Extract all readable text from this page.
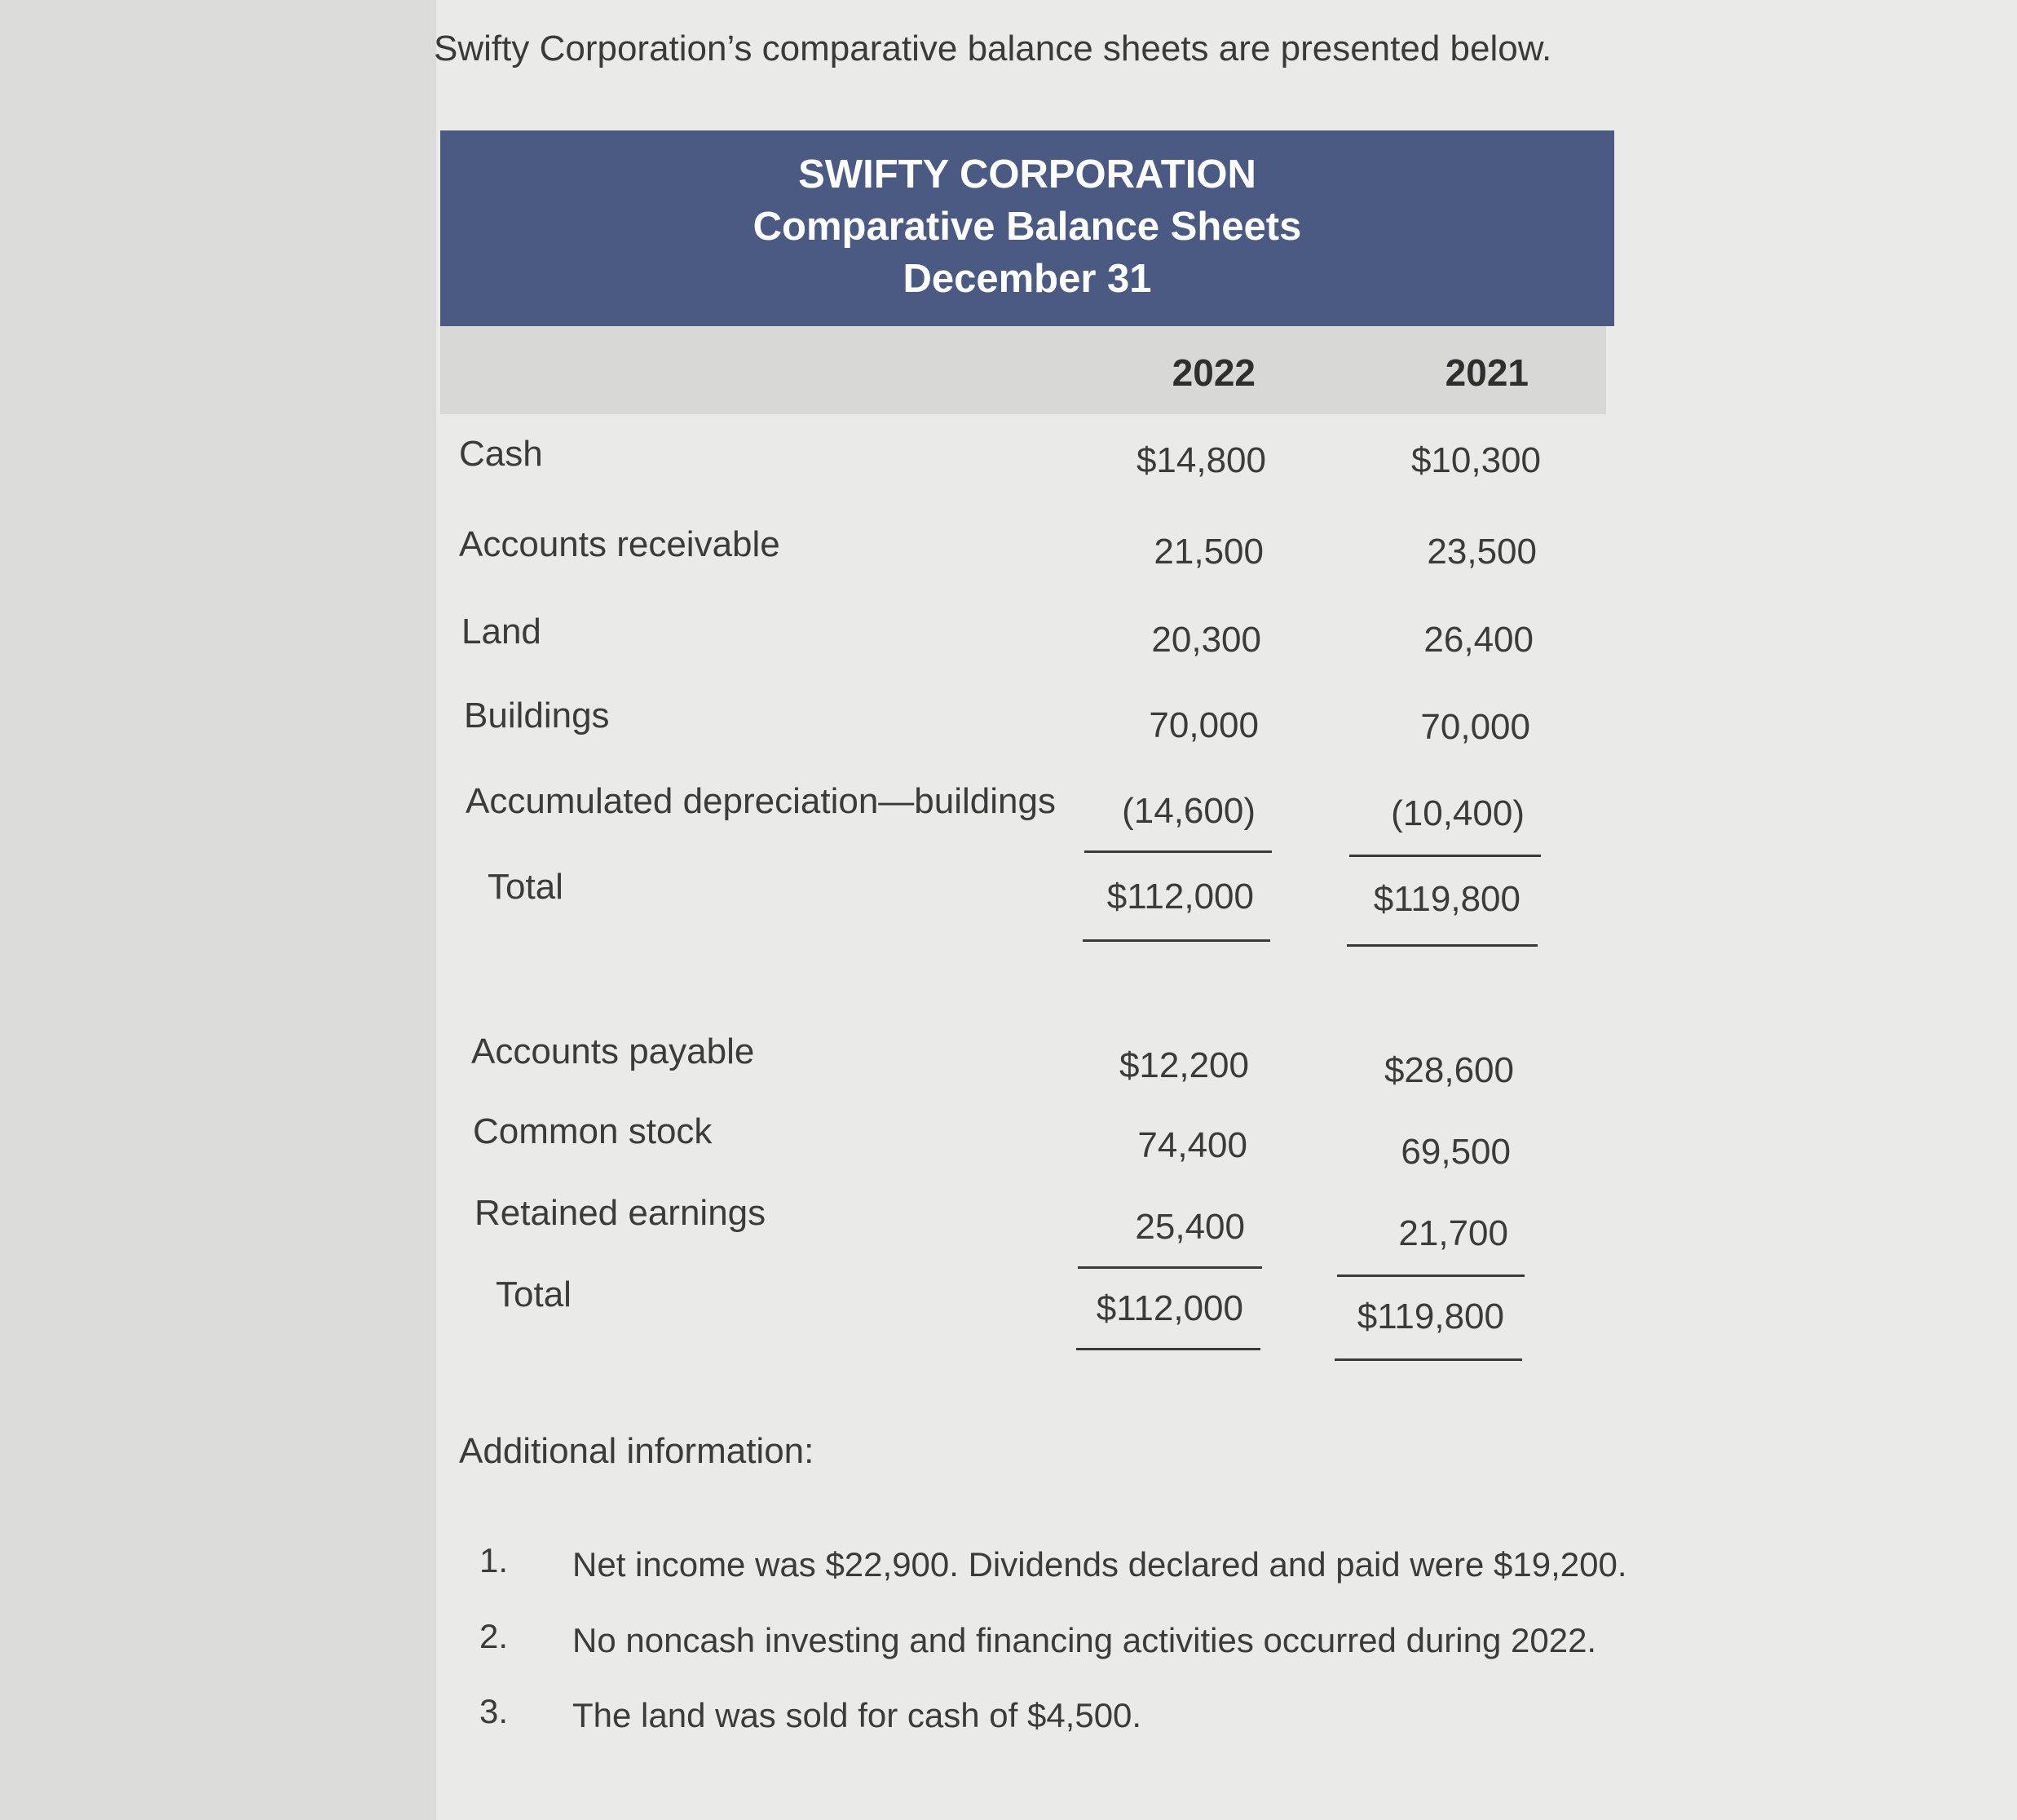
Swifty Corporation’s comparative balance sheets are presented below.
SWIFTY CORPORATION
Comparative Balance Sheets
December 31
2022	2021
Cash	$14,800	$10,300
Accounts receivable	21,500	23,500
Land	20,300	26,400
Buildings	70,000	70,000
Accumulated depreciation—buildings	(14,600)	(10,400)
Total	$112,000	$119,800
Accounts payable	$12,200	$28,600
Common stock	74,400	69,500
Retained earnings	25,400	21,700
Total	$112,000	$119,800
Additional information:
1. Net income was $22,900. Dividends declared and paid were $19,200.
2. No noncash investing and financing activities occurred during 2022.
3. The land was sold for cash of $4,500.
